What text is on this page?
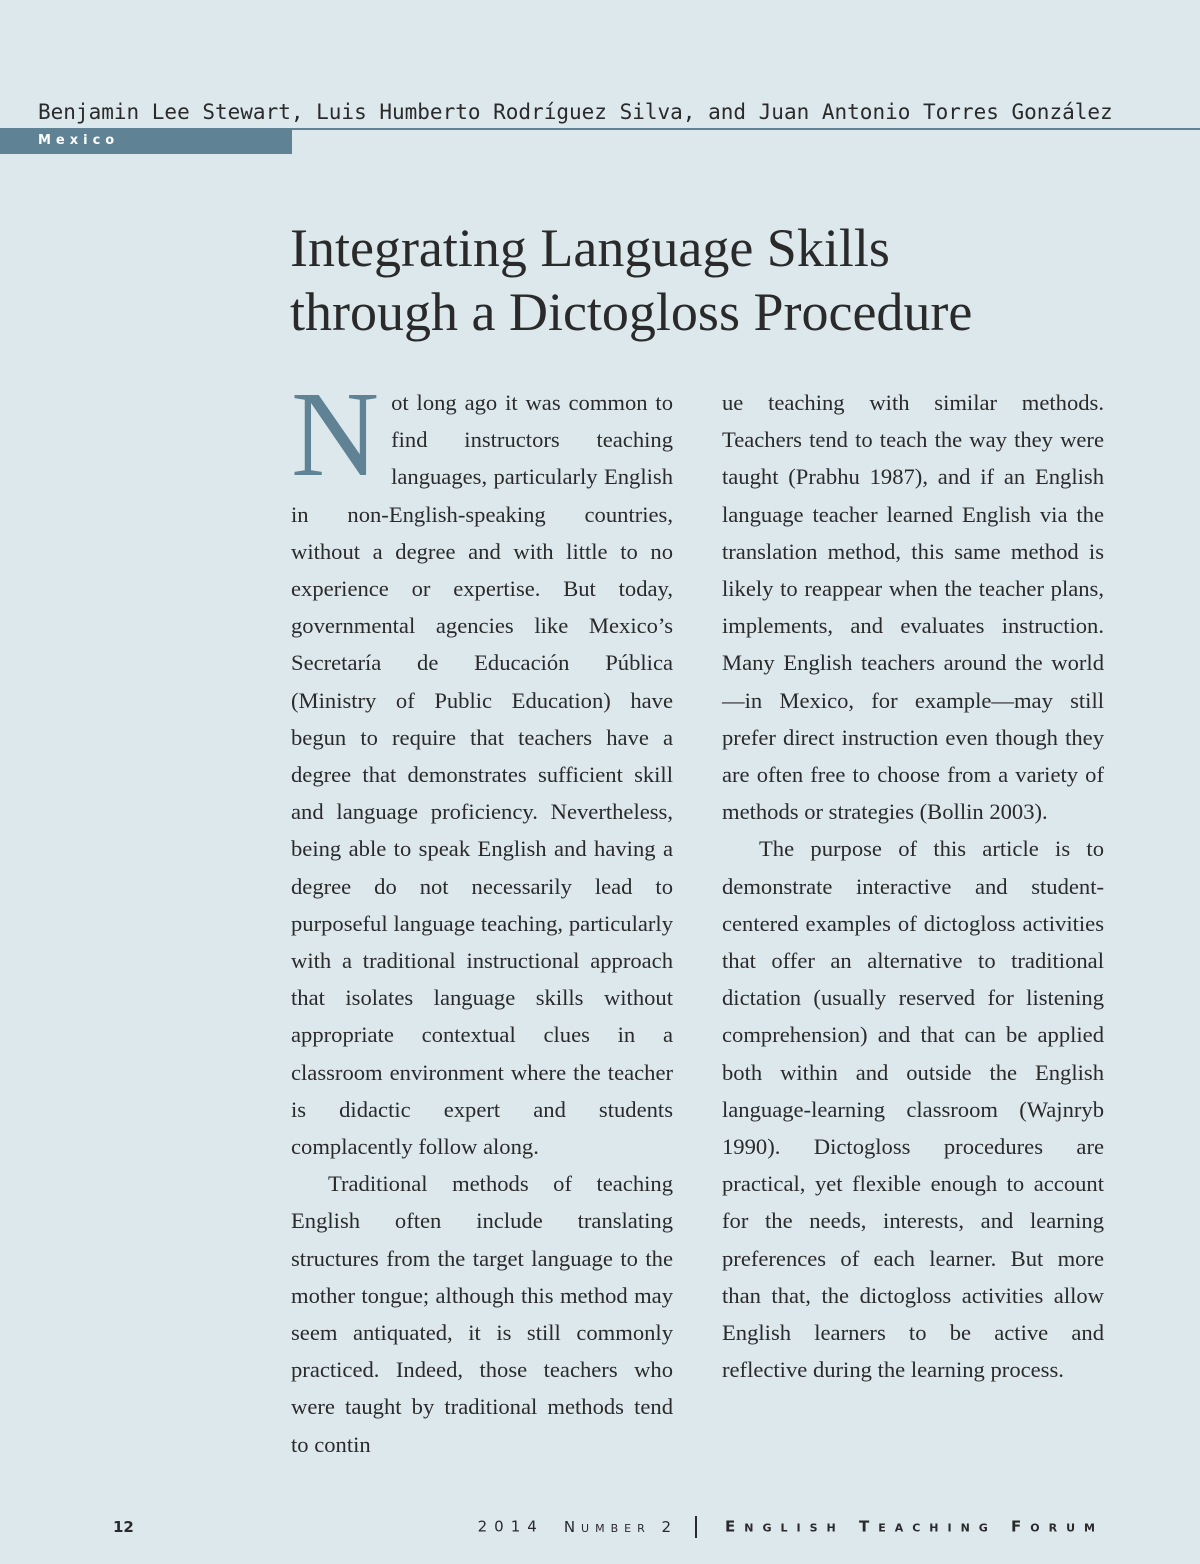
Benjamin Lee Stewart, Luis Humberto Rodríguez Silva, and Juan Antonio Torres González
Mexico
Integrating Language Skills
through a Dictogloss Procedure

Not long ago it was common to find instructors teaching languages, particularly English in non-English-speaking countries, without a degree and with little to no experience or expertise. But today, governmental agencies like Mexico’s Secretaría de Educación Pública (Ministry of Public Education) have begun to require that teachers have a degree that demonstrates sufficient skill and language proficiency. Nevertheless, being able to speak English and having a degree do not necessarily lead to purposeful language teaching, particularly with a traditional instructional approach that isolates language skills without appropriate contextual clues in a classroom environment where the teacher is didactic expert and students complacently follow along.

Traditional methods of teaching English often include translating structures from the target language to the mother tongue; although this method may seem antiquated, it is still commonly practiced. Indeed, those teachers who were taught by traditional methods tend to contin

ue teaching with similar methods. Teachers tend to teach the way they were taught (Prabhu 1987), and if an English language teacher learned English via the translation method, this same method is likely to reappear when the teacher plans, implements, and evaluates instruction. Many English teachers around the world—in Mexico, for example—may still prefer direct instruction even though they are often free to choose from a variety of methods or strategies (Bollin 2003).

The purpose of this article is to demonstrate interactive and student-centered examples of dictogloss activities that offer an alternative to traditional dictation (usually reserved for listening comprehension) and that can be applied both within and outside the English language-learning classroom (Wajnryb 1990). Dictogloss procedures are practical, yet flexible enough to account for the needs, interests, and learning preferences of each learner. But more than that, the dictogloss activities allow English learners to be active and reflective during the learning process.

12	2014 Number 2	English Teaching Forum
